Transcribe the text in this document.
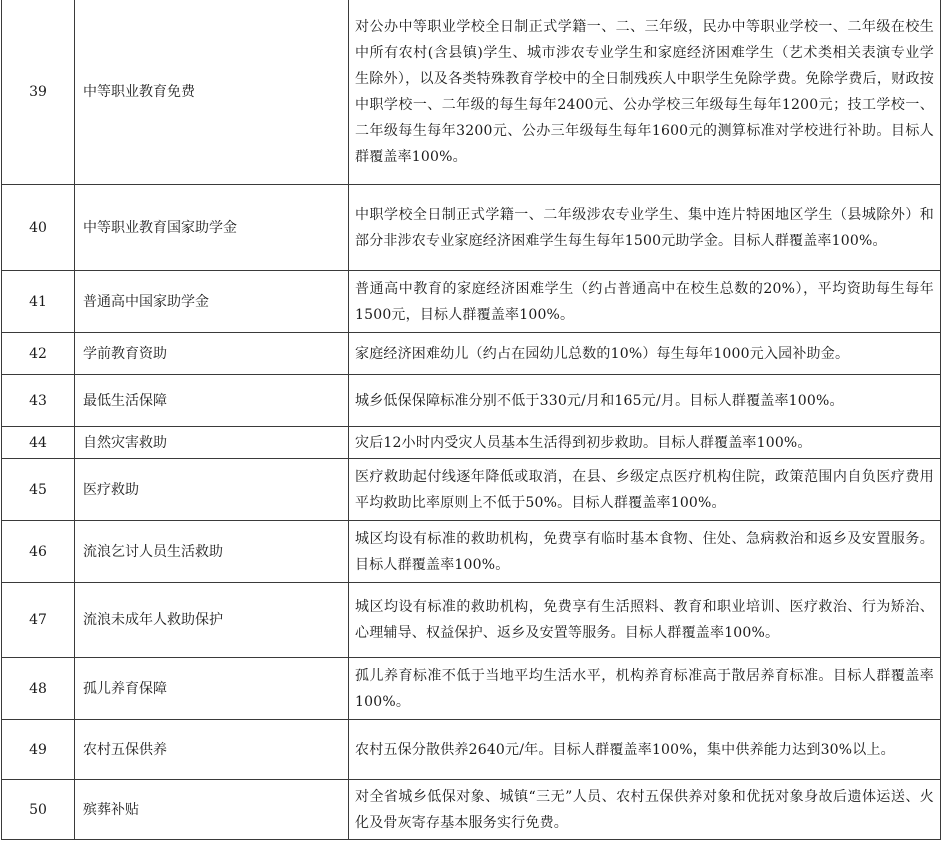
39	中等职业教育免费	对公办中等职业学校全日制正式学籍一、二、三年级，民办中等职业学校一、二年级在校生中所有农村(含县镇)学生、城市涉农专业学生和家庭经济困难学生（艺术类相关表演专业学生除外），以及各类特殊教育学校中的全日制残疾人中职学生免除学费。免除学费后，财政按中职学校一、二年级的每生每年2400元、公办学校三年级每生每年1200元；技工学校一、二年级每生每年3200元、公办三年级每生每年1600元的测算标准对学校进行补助。目标人群覆盖率100%。

40	中等职业教育国家助学金	中职学校全日制正式学籍一、二年级涉农专业学生、集中连片特困地区学生（县城除外）和部分非涉农专业家庭经济困难学生每生每年1500元助学金。目标人群覆盖率100%。

41	普通高中国家助学金	普通高中教育的家庭经济困难学生（约占普通高中在校生总数的20%），平均资助每生每年1500元，目标人群覆盖率100%。

42	学前教育资助	家庭经济困难幼儿（约占在园幼儿总数的10%）每生每年1000元入园补助金。

43	最低生活保障	城乡低保保障标准分别不低于330元/月和165元/月。目标人群覆盖率100%。

44	自然灾害救助	灾后12小时内受灾人员基本生活得到初步救助。目标人群覆盖率100%。

45	医疗救助	医疗救助起付线逐年降低或取消，在县、乡级定点医疗机构住院，政策范围内自负医疗费用平均救助比率原则上不低于50%。目标人群覆盖率100%。

46	流浪乞讨人员生活救助	城区均设有标准的救助机构，免费享有临时基本食物、住处、急病救治和返乡及安置服务。目标人群覆盖率100%。

47	流浪未成年人救助保护	城区均设有标准的救助机构，免费享有生活照料、教育和职业培训、医疗救治、行为矫治、心理辅导、权益保护、返乡及安置等服务。目标人群覆盖率100%。

48	孤儿养育保障	孤儿养育标准不低于当地平均生活水平，机构养育标准高于散居养育标准。目标人群覆盖率100%。

49	农村五保供养	农村五保分散供养2640元/年。目标人群覆盖率100%，集中供养能力达到30%以上。

50	殡葬补贴	对全省城乡低保对象、城镇“三无”人员、农村五保供养对象和优抚对象身故后遗体运送、火化及骨灰寄存基本服务实行免费。
